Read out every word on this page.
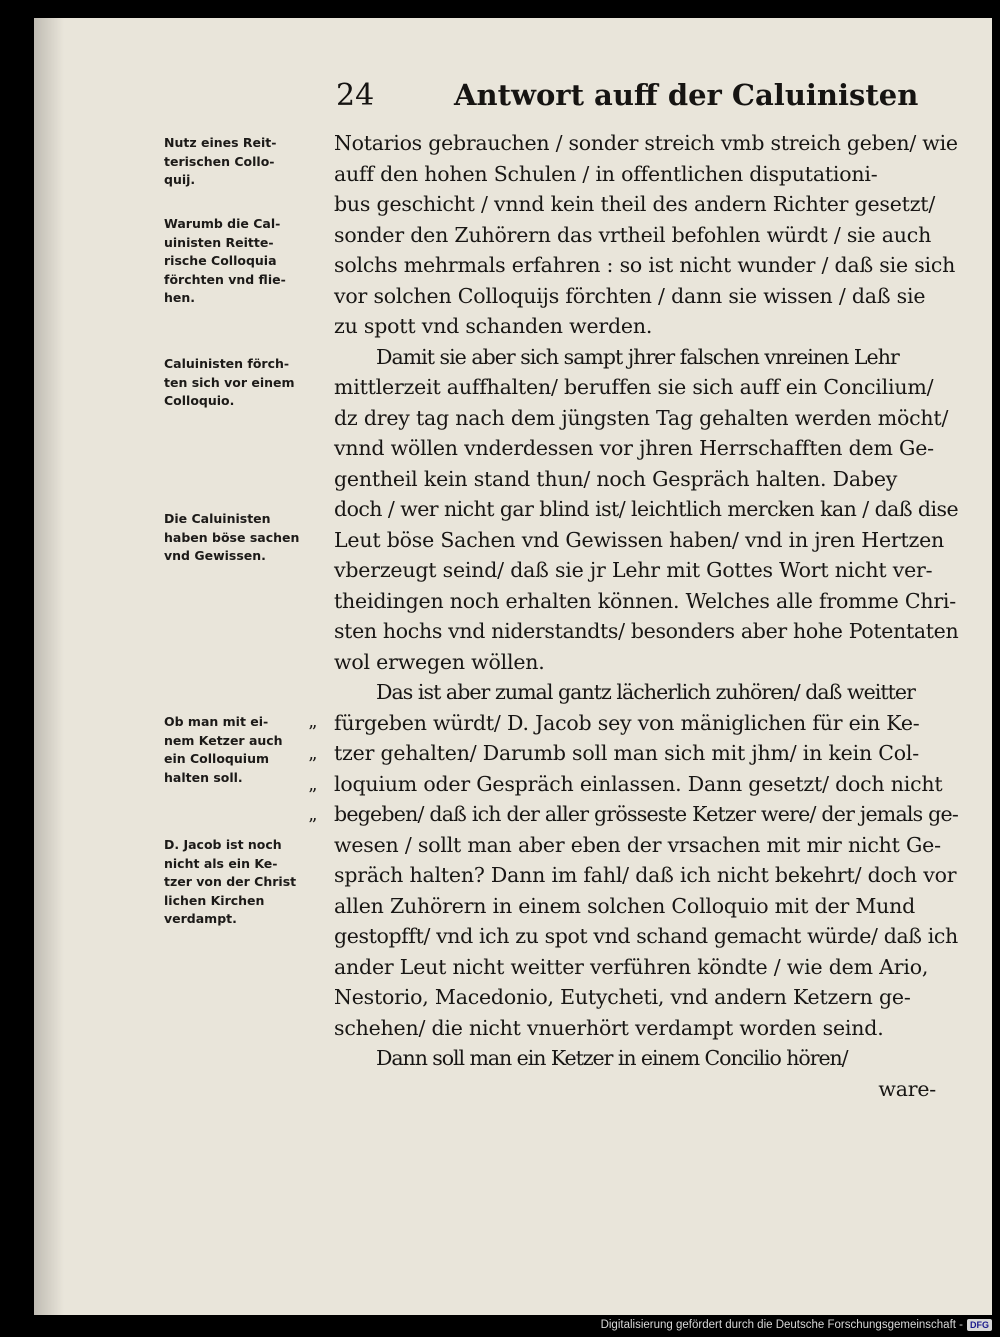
24	Antwort auff der Caluinisten
Nutz eines Reit-
terischen Collo-
quij.
Warumb die Cal-
uinisten Reitte-
rische Colloquia
förchten vnd flie-
hen.
Caluinisten förch-
ten sich vor einem
Colloquio.
Die Caluinisten
haben böse sachen
vnd Gewissen.
Ob man mit ei-
nem Ketzer auch
ein Colloquium
halten soll.
D. Jacob ist noch
nicht als ein Ke-
tzer von der Christ
lichen Kirchen
verdampt.
”
”
”
”
Notarios gebrauchen / sonder streich vmb streich geben/ wie
auff den hohen Schulen / in offentlichen disputationi-
bus geschicht / vnnd kein theil des andern Richter gesetzt/
sonder den Zuhörern das vrtheil befohlen würdt / sie auch
solchs mehrmals erfahren : so ist nicht wunder / daß sie sich
vor solchen Colloquijs förchten / dann sie wissen / daß sie
zu spott vnd schanden werden.
Damit sie aber sich sampt jhrer falschen vnreinen Lehr
mittlerzeit auffhalten/ beruffen sie sich auff ein Concilium/
dz drey tag nach dem jüngsten Tag gehalten werden möcht/
vnnd wöllen vnderdessen vor jhren Herrschafften dem Ge-
gentheil kein stand thun/ noch Gespräch halten. Dabey
doch / wer nicht gar blind ist/ leichtlich mercken kan / daß dise
Leut böse Sachen vnd Gewissen haben/ vnd in jren Hertzen
vberzeugt seind/ daß sie jr Lehr mit Gottes Wort nicht ver-
theidingen noch erhalten können. Welches alle fromme Chri-
sten hochs vnd niderstandts/ besonders aber hohe Potentaten
wol erwegen wöllen.
Das ist aber zumal gantz lächerlich zuhören/ daß weitter
fürgeben würdt/ D. Jacob sey von mäniglichen für ein Ke-
tzer gehalten/ Darumb soll man sich mit jhm/ in kein Col-
loquium oder Gespräch einlassen. Dann gesetzt/ doch nicht
begeben/ daß ich der aller grösseste Ketzer were/ der jemals ge-
wesen / sollt man aber eben der vrsachen mit mir nicht Ge-
spräch halten? Dann im fahl/ daß ich nicht bekehrt/ doch vor
allen Zuhörern in einem solchen Colloquio mit der Mund
gestopfft/ vnd ich zu spot vnd schand gemacht würde/ daß ich
ander Leut nicht weitter verführen köndte / wie dem Ario,
Nestorio, Macedonio, Eutycheti, vnd andern Ketzern ge-
schehen/ die nicht vnuerhört verdampt worden seind.
Dann soll man ein Ketzer in einem Concilio hören/
ware-
Digitalisierung gefördert durch die Deutsche Forschungsgemeinschaft - DFG
